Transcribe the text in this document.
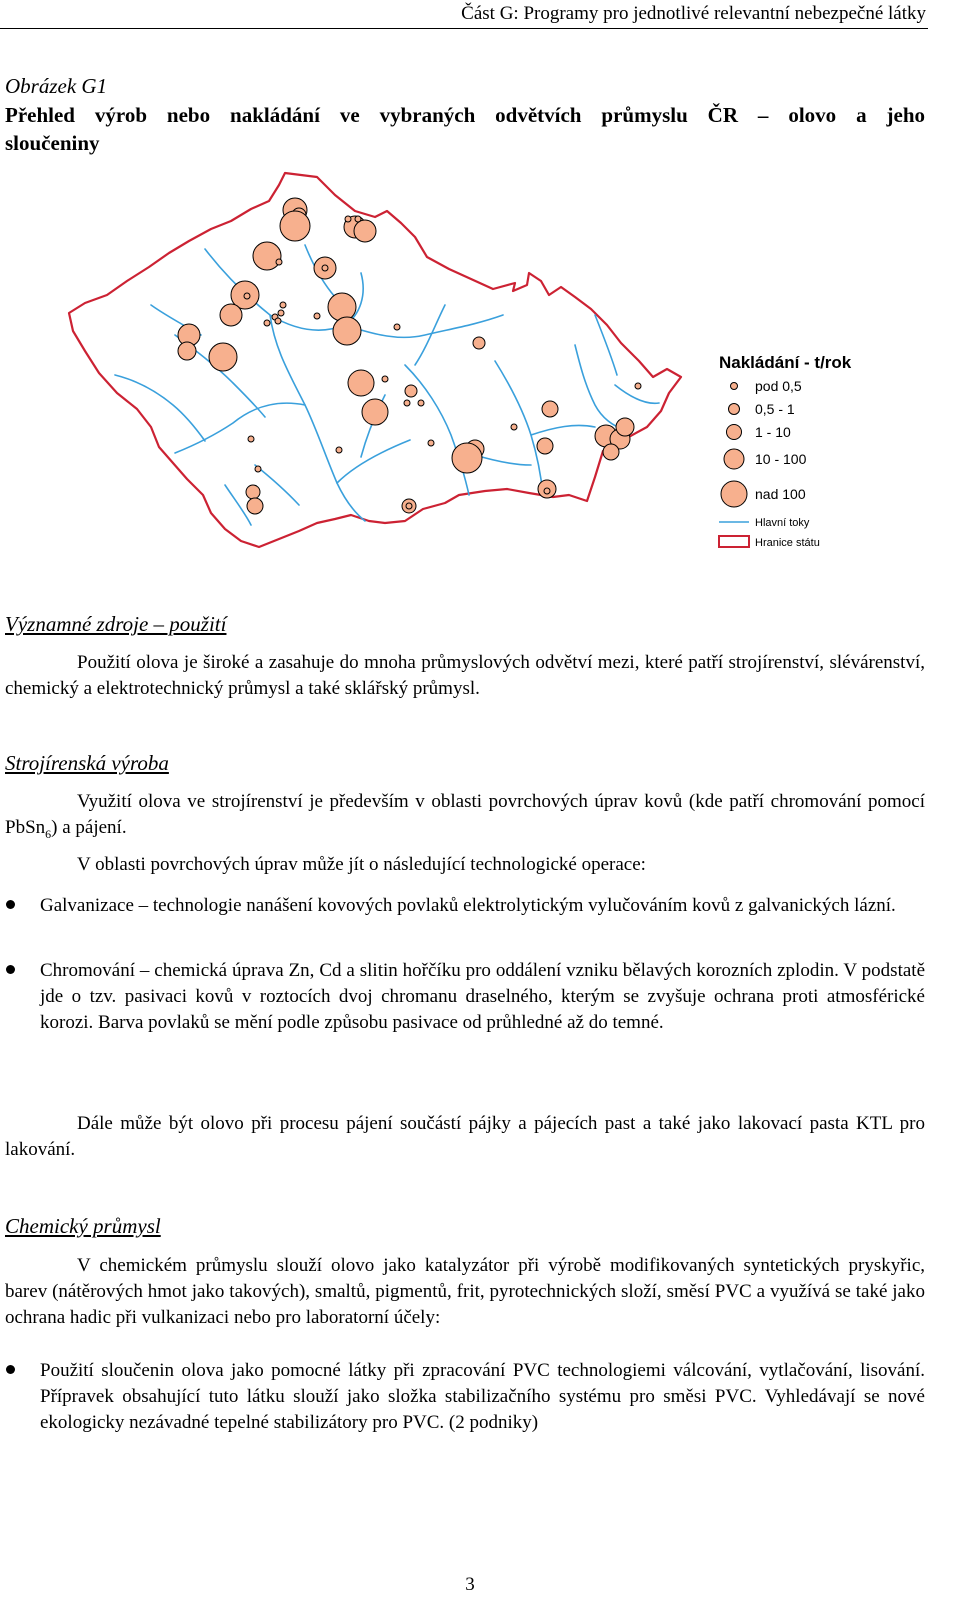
Část G: Programy pro jednotlivé relevantní nebezpečné látky
Obrázek G1
Přehled výrob nebo nakládání ve vybraných odvětvích průmyslu ČR – olovo a jeho
sloučeniny
Nakládání - t/rok
pod 0,5
0,5 - 1
1 - 10
10 - 100
nad 100
Hlavní toky
Hranice státu
Významné zdroje – použití
Použití olova je široké a zasahuje do mnoha průmyslových odvětví mezi, které patří strojírenství, slévárenství, chemický a elektrotechnický průmysl a také sklářský průmysl.
Strojírenská výroba
Využití olova ve strojírenství je především v oblasti povrchových úprav kovů (kde patří chromování pomocí PbSn$_6$) a pájení.
V oblasti povrchových úprav může jít o následující technologické operace:
Galvanizace – technologie nanášení kovových povlaků elektrolytickým vylučováním kovů z galvanických lázní.
Chromování – chemická úprava Zn, Cd a slitin hořčíku pro oddálení vzniku bělavých korozních zplodin. V podstatě jde o tzv. pasivaci kovů v roztocích dvoj chromanu draselného, kterým se zvyšuje ochrana proti atmosférické korozi. Barva povlaků se mění podle způsobu pasivace od průhledné až do temné.
Dále může být olovo při procesu pájení součástí pájky a pájecích past a také jako lakovací pasta KTL pro lakování.
Chemický průmysl
V chemickém průmyslu slouží olovo jako katalyzátor při výrobě modifikovaných syntetických pryskyřic, barev (nátěrových hmot jako takových), smaltů, pigmentů, frit, pyrotechnických složí, směsí PVC a využívá se také jako ochrana hadic při vulkanizaci nebo pro laboratorní účely:
Použití sloučenin olova jako pomocné látky při zpracování PVC technologiemi válcování, vytlačování, lisování. Přípravek obsahující tuto látku slouží jako složka stabilizačního systému pro směsi PVC. Vyhledávají se nové ekologicky nezávadné tepelné stabilizátory pro PVC. (2 podniky)
3
